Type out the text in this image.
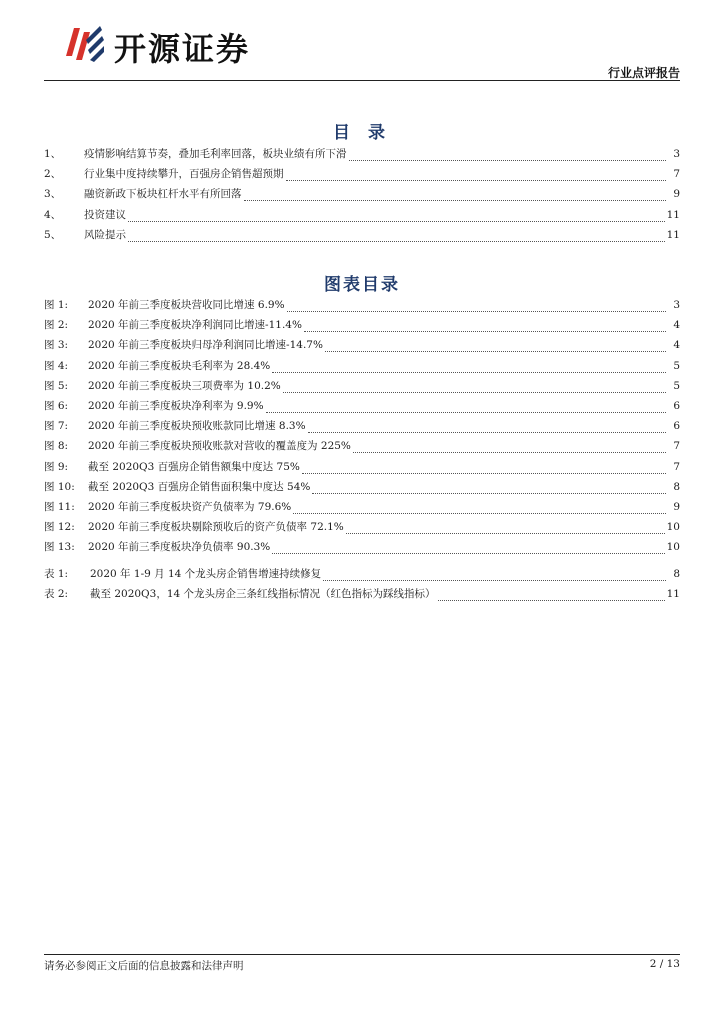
开源证券
行业点评报告
目 录
1、	疫情影响结算节奏，叠加毛利率回落，板块业绩有所下滑	3
2、	行业集中度持续攀升，百强房企销售超预期	7
3、	融资新政下板块杠杆水平有所回落	9
4、	投资建议	11
5、	风险提示	11
图表目录
图 1:	2020 年前三季度板块营收同比增速 6.9%	3
图 2:	2020 年前三季度板块净利润同比增速-11.4%	4
图 3:	2020 年前三季度板块归母净利润同比增速-14.7%	4
图 4:	2020 年前三季度板块毛利率为 28.4%	5
图 5:	2020 年前三季度板块三项费率为 10.2%	5
图 6:	2020 年前三季度板块净利率为 9.9%	6
图 7:	2020 年前三季度板块预收账款同比增速 8.3%	6
图 8:	2020 年前三季度板块预收账款对营收的覆盖度为 225%	7
图 9:	截至 2020Q3 百强房企销售额集中度达 75%	7
图 10:	截至 2020Q3 百强房企销售面积集中度达 54%	8
图 11:	2020 年前三季度板块资产负债率为 79.6%	9
图 12:	2020 年前三季度板块剔除预收后的资产负债率 72.1%	10
图 13:	2020 年前三季度板块净负债率 90.3%	10
表 1:	2020 年 1-9 月 14 个龙头房企销售增速持续修复	8
表 2:	截至 2020Q3，14 个龙头房企三条红线指标情况（红色指标为踩线指标）	11
请务必参阅正文后面的信息披露和法律声明	2 / 13
